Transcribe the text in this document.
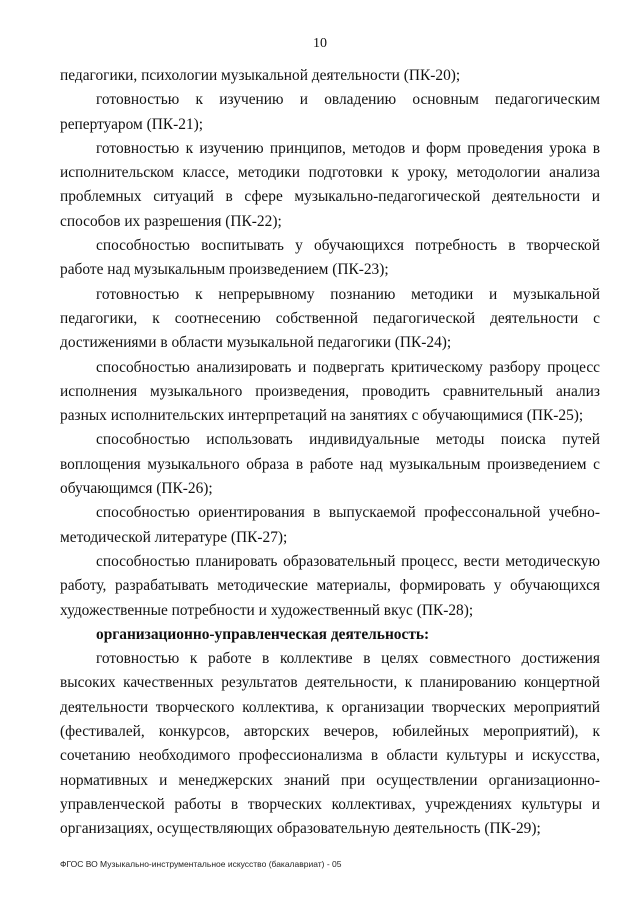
10

педагогики, психологии музыкальной деятельности (ПК-20);

готовностью к изучению и овладению основным педагогическим репертуаром (ПК-21);

готовностью к изучению принципов, методов и форм проведения урока в исполнительском классе, методики подготовки к уроку, методологии анализа проблемных ситуаций в сфере музыкально-педагогической деятельности и способов их разрешения (ПК-22);

способностью воспитывать у обучающихся потребность в творческой работе над музыкальным произведением (ПК-23);

готовностью к непрерывному познанию методики и музыкальной педагогики, к соотнесению собственной педагогической деятельности с достижениями в области музыкальной педагогики (ПК-24);

способностью анализировать и подвергать критическому разбору процесс исполнения музыкального произведения, проводить сравнительный анализ разных исполнительских интерпретаций на занятиях с обучающимися (ПК-25);

способностью использовать индивидуальные методы поиска путей воплощения музыкального образа в работе над музыкальным произведением с обучающимся (ПК-26);

способностью ориентирования в выпускаемой профессональной учебно-методической литературе (ПК-27);

способностью планировать образовательный процесс, вести методическую работу, разрабатывать методические материалы, формировать у обучающихся художественные потребности и художественный вкус (ПК-28);

организационно-управленческая деятельность:

готовностью к работе в коллективе в целях совместного достижения высоких качественных результатов деятельности, к планированию концертной деятельности творческого коллектива, к организации творческих мероприятий (фестивалей, конкурсов, авторских вечеров, юбилейных мероприятий), к сочетанию необходимого профессионализма в области культуры и искусства, нормативных и менеджерских знаний при осуществлении организационно-управленческой работы в творческих коллективах, учреждениях культуры и организациях, осуществляющих образовательную деятельность (ПК-29);

ФГОС ВО Музыкально-инструментальное искусство (бакалавриат) - 05
